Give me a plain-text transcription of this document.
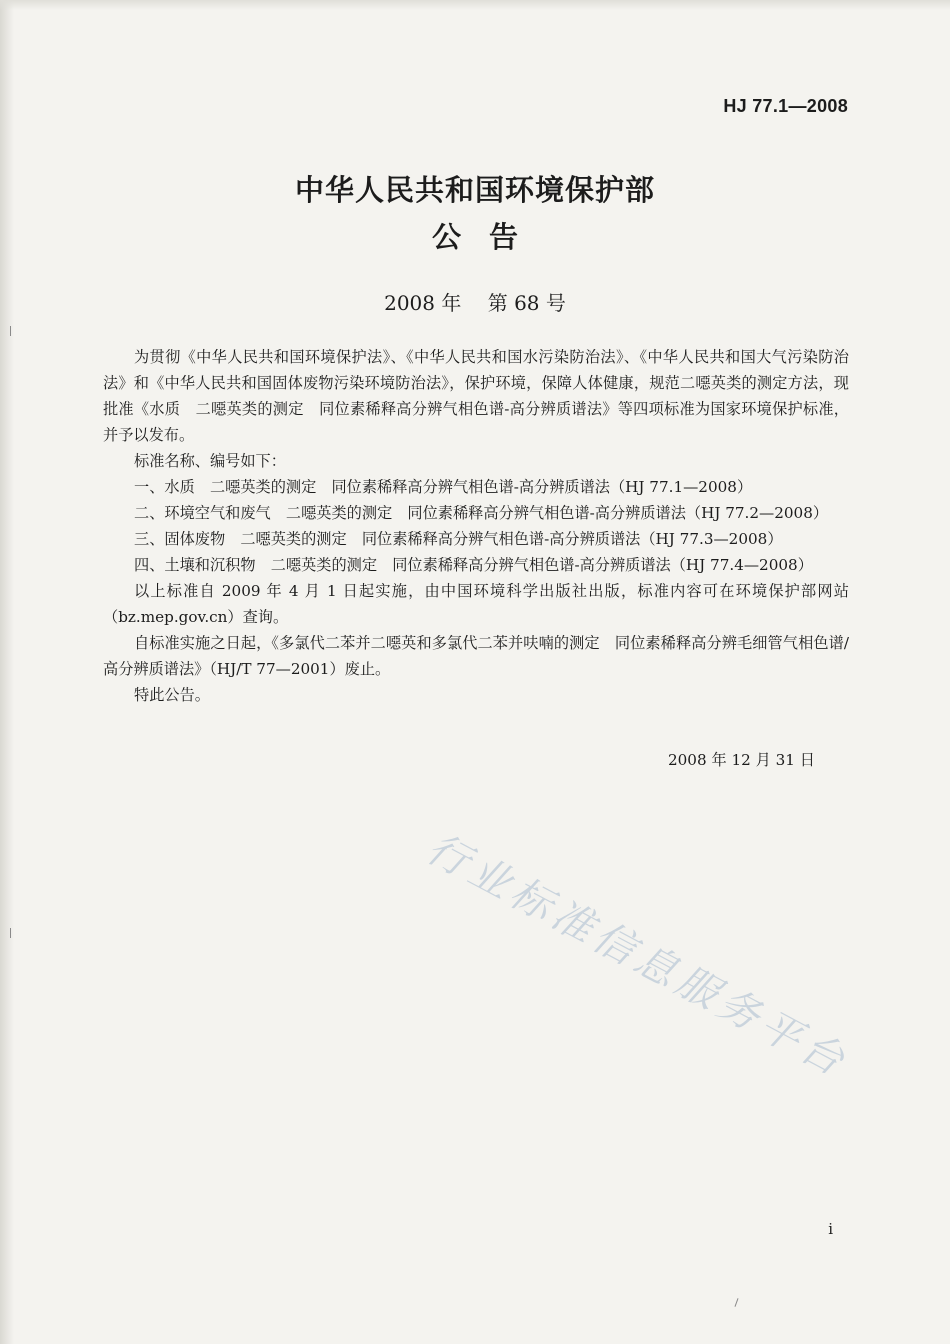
HJ 77.1—2008
中华人民共和国环境保护部
公告
2008 年 第 68 号

为贯彻《中华人民共和国环境保护法》、《中华人民共和国水污染防治法》、《中华人民共和国大气污染防治法》和《中华人民共和国固体废物污染环境防治法》，保护环境，保障人体健康，规范二噁英类的测定方法，现批准《水质　二噁英类的测定　同位素稀释高分辨气相色谱-高分辨质谱法》等四项标准为国家环境保护标准，并予以发布。

标准名称、编号如下：

一、水质　二噁英类的测定　同位素稀释高分辨气相色谱-高分辨质谱法（HJ 77.1—2008）

二、环境空气和废气　二噁英类的测定　同位素稀释高分辨气相色谱-高分辨质谱法（HJ 77.2—2008）

三、固体废物　二噁英类的测定　同位素稀释高分辨气相色谱-高分辨质谱法（HJ 77.3—2008）

四、土壤和沉积物　二噁英类的测定　同位素稀释高分辨气相色谱-高分辨质谱法（HJ 77.4—2008）

以上标准自 2009 年 4 月 1 日起实施，由中国环境科学出版社出版，标准内容可在环境保护部网站（bz.mep.gov.cn）查询。

自标准实施之日起，《多氯代二苯并二噁英和多氯代二苯并呋喃的测定　同位素稀释高分辨毛细管气相色谱/高分辨质谱法》（HJ/T 77—2001）废止。

特此公告。

2008 年 12 月 31 日
行业标准信息服务平台
i
